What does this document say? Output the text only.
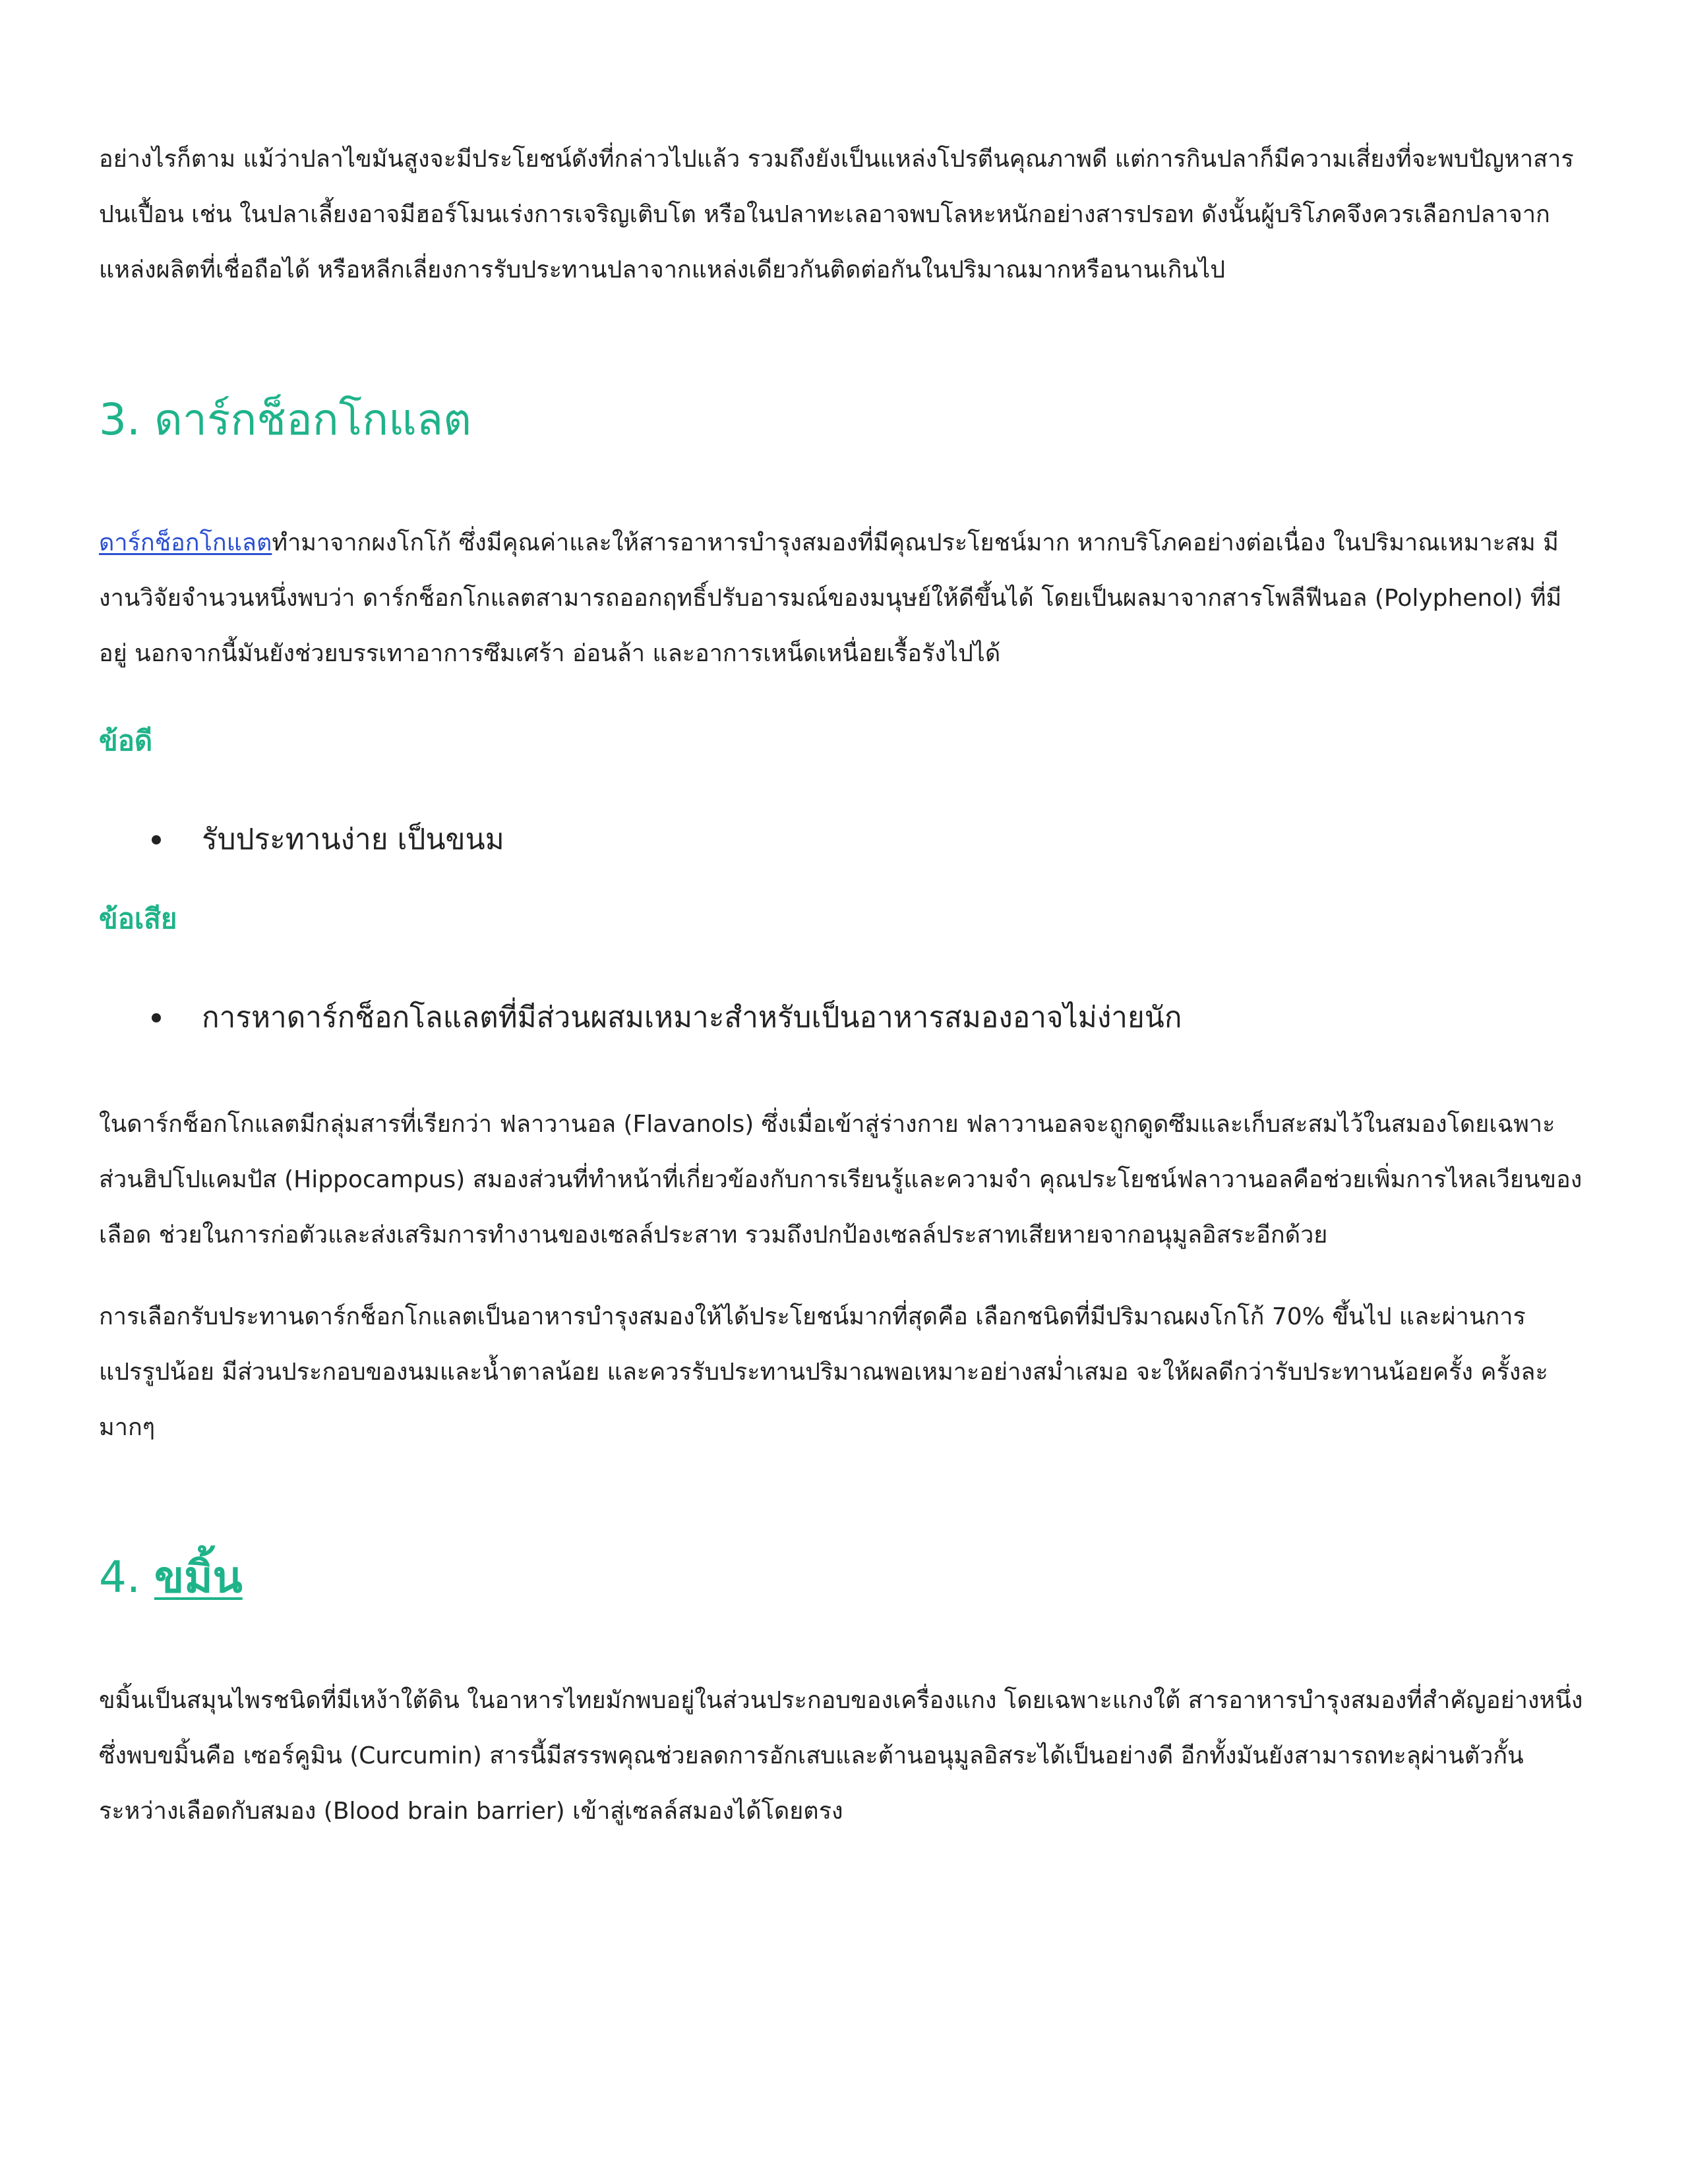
อย่างไรก็ตาม แม้ว่าปลาไขมันสูงจะมีประโยชน์ดังที่กล่าวไปแล้ว รวมถึงยังเป็นแหล่งโปรตีนคุณภาพดี แต่การกินปลาก็มีความเสี่ยงที่จะพบปัญหาสารปนเปื้อน เช่น ในปลาเลี้ยงอาจมีฮอร์โมนเร่งการเจริญเติบโต หรือในปลาทะเลอาจพบโลหะหนักอย่างสารปรอท ดังนั้นผู้บริโภคจึงควรเลือกปลาจากแหล่งผลิตที่เชื่อถือได้ หรือหลีกเลี่ยงการรับประทานปลาจากแหล่งเดียวกันติดต่อกันในปริมาณมากหรือนานเกินไป

3. ดาร์กช็อกโกแลต

ดาร์กช็อกโกแลตทำมาจากผงโกโก้ ซึ่งมีคุณค่าและให้สารอาหารบำรุงสมองที่มีคุณประโยชน์มาก หากบริโภคอย่างต่อเนื่อง ในปริมาณเหมาะสม มีงานวิจัยจำนวนหนึ่งพบว่า ดาร์กช็อกโกแลตสามารถออกฤทธิ์ปรับอารมณ์ของมนุษย์ให้ดีขึ้นได้ โดยเป็นผลมาจากสารโพลีฟีนอล (Polyphenol) ที่มีอยู่ นอกจากนี้มันยังช่วยบรรเทาอาการซึมเศร้า อ่อนล้า และอาการเหน็ดเหนื่อยเรื้อรังไปได้

ข้อดี
รับประทานง่าย เป็นขนม
ข้อเสีย
การหาดาร์กช็อกโลแลตที่มีส่วนผสมเหมาะสำหรับเป็นอาหารสมองอาจไม่ง่ายนัก

ในดาร์กช็อกโกแลตมีกลุ่มสารที่เรียกว่า ฟลาวานอล (Flavanols) ซึ่งเมื่อเข้าสู่ร่างกาย ฟลาวานอลจะถูกดูดซึมและเก็บสะสมไว้ในสมองโดยเฉพาะส่วนฮิปโปแคมปัส (Hippocampus) สมองส่วนที่ทำหน้าที่เกี่ยวข้องกับการเรียนรู้และความจำ คุณประโยชน์ฟลาวานอลคือช่วยเพิ่มการไหลเวียนของเลือด ช่วยในการก่อตัวและส่งเสริมการทำงานของเซลล์ประสาท รวมถึงปกป้องเซลล์ประสาทเสียหายจากอนุมูลอิสระอีกด้วย

การเลือกรับประทานดาร์กช็อกโกแลตเป็นอาหารบำรุงสมองให้ได้ประโยชน์มากที่สุดคือ เลือกชนิดที่มีปริมาณผงโกโก้ 70% ขึ้นไป และผ่านการแปรรูปน้อย มีส่วนประกอบของนมและน้ำตาลน้อย และควรรับประทานปริมาณพอเหมาะอย่างสม่ำเสมอ จะให้ผลดีกว่ารับประทานน้อยครั้ง ครั้งละมากๆ

4. ขมิ้น

ขมิ้นเป็นสมุนไพรชนิดที่มีเหง้าใต้ดิน ในอาหารไทยมักพบอยู่ในส่วนประกอบของเครื่องแกง โดยเฉพาะแกงใต้ สารอาหารบำรุงสมองที่สำคัญอย่างหนึ่งซึ่งพบขมิ้นคือ เซอร์คูมิน (Curcumin) สารนี้มีสรรพคุณช่วยลดการอักเสบและต้านอนุมูลอิสระได้เป็นอย่างดี อีกทั้งมันยังสามารถทะลุผ่านตัวกั้นระหว่างเลือดกับสมอง (Blood brain barrier) เข้าสู่เซลล์สมองได้โดยตรง
